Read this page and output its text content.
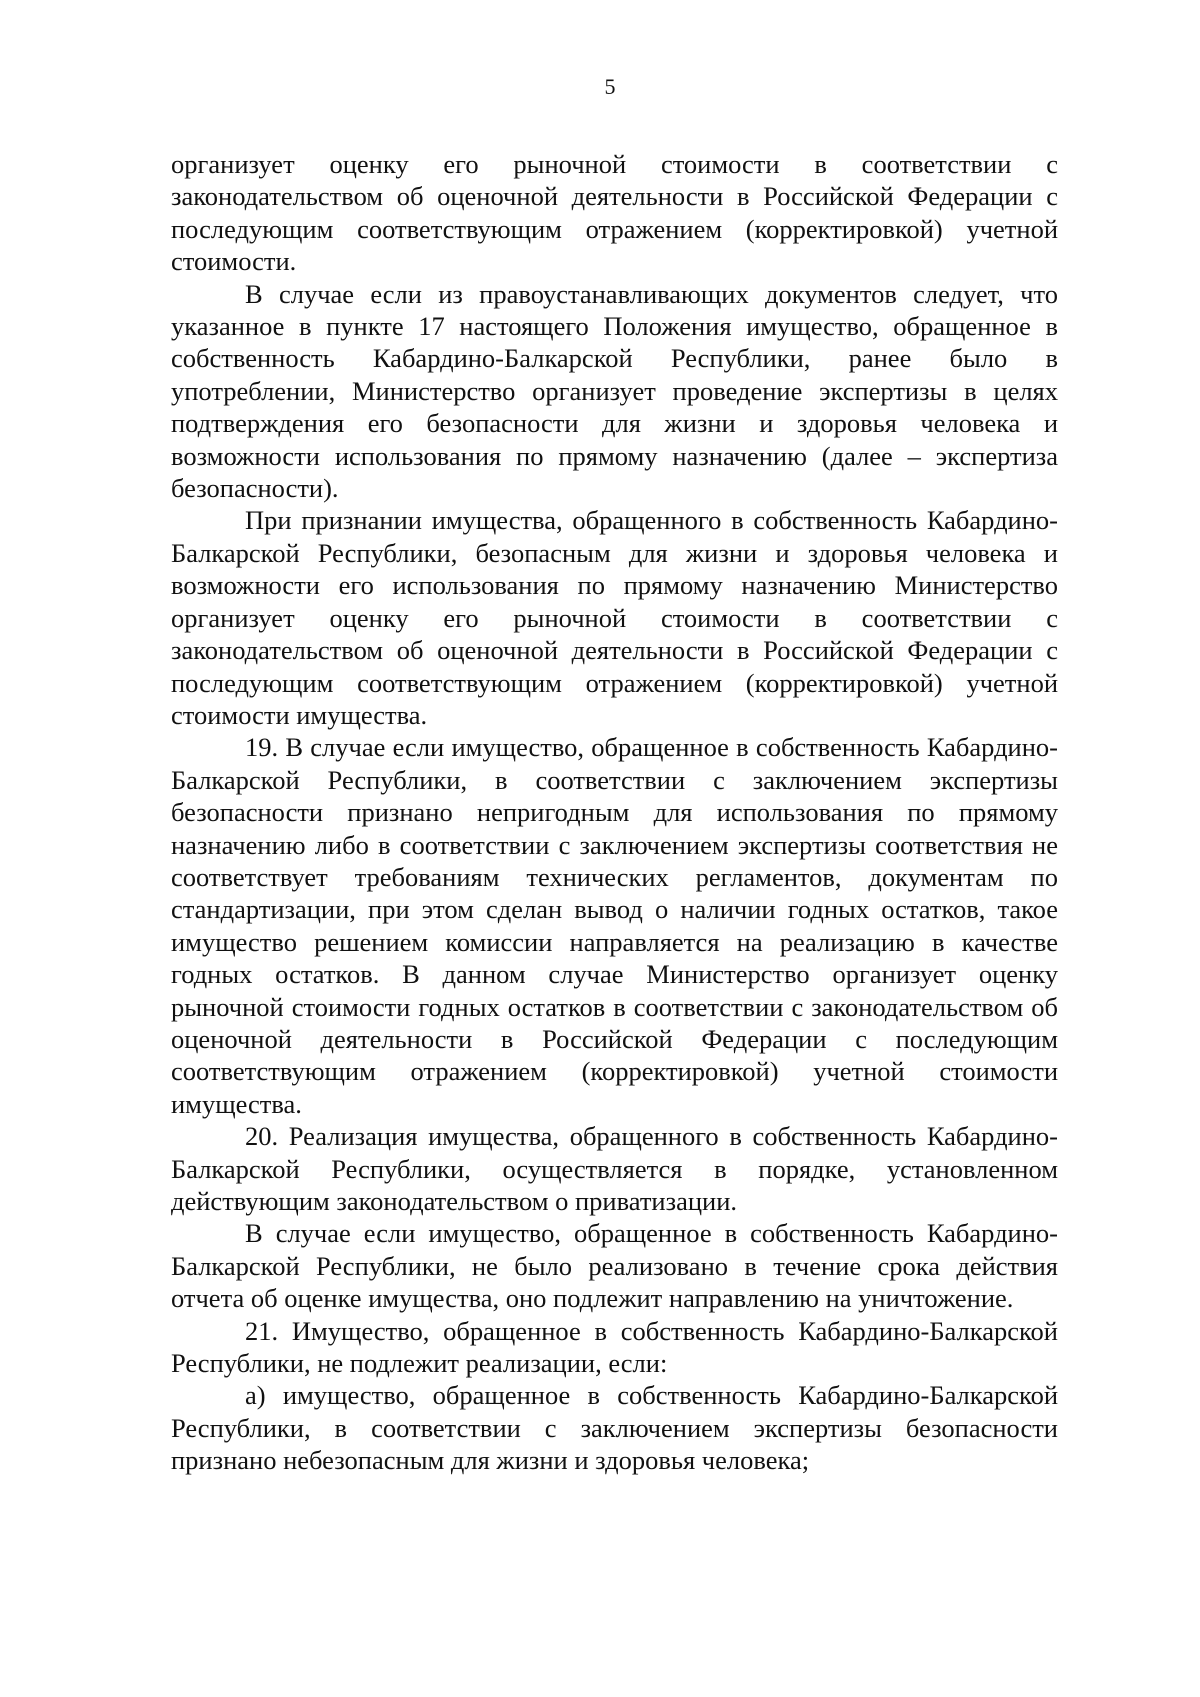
5

организует оценку его рыночной стоимости в соответствии с законодательством об оценочной деятельности в Российской Федерации с последующим соответствующим отражением (корректировкой) учетной стоимости.

В случае если из правоустанавливающих документов следует, что указанное в пункте 17 настоящего Положения имущество, обращенное в собственность Кабардино-Балкарской Республики, ранее было в употреблении, Министерство организует проведение экспертизы в целях подтверждения его безопасности для жизни и здоровья человека и возможности использования по прямому назначению (далее – экспертиза безопасности).

При признании имущества, обращенного в собственность Кабардино-Балкарской Республики, безопасным для жизни и здоровья человека и возможности его использования по прямому назначению Министерство организует оценку его рыночной стоимости в соответствии с законодательством об оценочной деятельности в Российской Федерации с последующим соответствующим отражением (корректировкой) учетной стоимости имущества.

19. В случае если имущество, обращенное в собственность Кабардино-Балкарской Республики, в соответствии с заключением экспертизы безопасности признано непригодным для использования по прямому назначению либо в соответствии с заключением экспертизы соответствия не соответствует требованиям технических регламентов, документам по стандартизации, при этом сделан вывод о наличии годных остатков, такое имущество решением комиссии направляется на реализацию в качестве годных остатков. В данном случае Министерство организует оценку рыночной стоимости годных остатков в соответствии с законодательством об оценочной деятельности в Российской Федерации с последующим соответствующим отражением (корректировкой) учетной стоимости имущества.

20. Реализация имущества, обращенного в собственность Кабардино-Балкарской Республики, осуществляется в порядке, установленном действующим законодательством о приватизации.

В случае если имущество, обращенное в собственность Кабардино-Балкарской Республики, не было реализовано в течение срока действия отчета об оценке имущества, оно подлежит направлению на уничтожение.

21. Имущество, обращенное в собственность Кабардино-Балкарской Республики, не подлежит реализации, если:

а) имущество, обращенное в собственность Кабардино-Балкарской Республики, в соответствии с заключением экспертизы безопасности признано небезопасным для жизни и здоровья человека;
